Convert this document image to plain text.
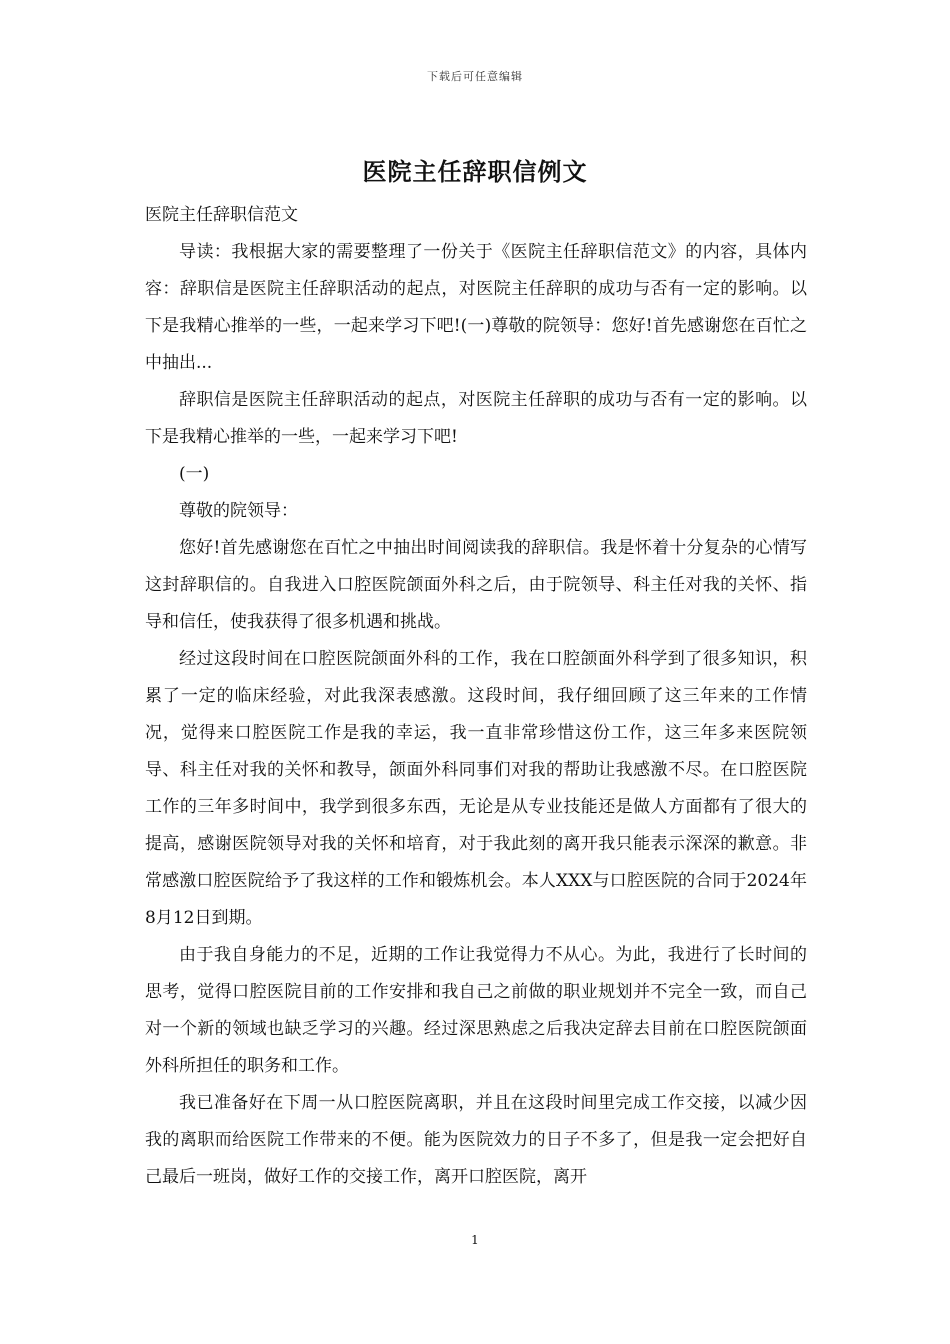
下载后可任意编辑
医院主任辞职信例文

医院主任辞职信范文

导读：我根据大家的需要整理了一份关于《医院主任辞职信范文》的内容，具体内容：辞职信是医院主任辞职活动的起点，对医院主任辞职的成功与否有一定的影响。以下是我精心推举的一些，一起来学习下吧!(一)尊敬的院领导：您好!首先感谢您在百忙之中抽出...

辞职信是医院主任辞职活动的起点，对医院主任辞职的成功与否有一定的影响。以下是我精心推举的一些，一起来学习下吧!

(一)

尊敬的院领导：

您好!首先感谢您在百忙之中抽出时间阅读我的辞职信。我是怀着十分复杂的心情写这封辞职信的。自我进入口腔医院颌面外科之后，由于院领导、科主任对我的关怀、指导和信任，使我获得了很多机遇和挑战。

经过这段时间在口腔医院颌面外科的工作，我在口腔颌面外科学到了很多知识，积累了一定的临床经验，对此我深表感激。这段时间，我仔细回顾了这三年来的工作情况，觉得来口腔医院工作是我的幸运，我一直非常珍惜这份工作，这三年多来医院领导、科主任对我的关怀和教导，颌面外科同事们对我的帮助让我感激不尽。在口腔医院工作的三年多时间中，我学到很多东西，无论是从专业技能还是做人方面都有了很大的提高，感谢医院领导对我的关怀和培育，对于我此刻的离开我只能表示深深的歉意。非常感激口腔医院给予了我这样的工作和锻炼机会。本人XXX与口腔医院的合同于2024年8月12日到期。

由于我自身能力的不足，近期的工作让我觉得力不从心。为此，我进行了长时间的思考，觉得口腔医院目前的工作安排和我自己之前做的职业规划并不完全一致，而自己对一个新的领域也缺乏学习的兴趣。经过深思熟虑之后我决定辞去目前在口腔医院颌面外科所担任的职务和工作。

我已准备好在下周一从口腔医院离职，并且在这段时间里完成工作交接，以减少因我的离职而给医院工作带来的不便。能为医院效力的日子不多了，但是我一定会把好自己最后一班岗，做好工作的交接工作，离开口腔医院，离开

1
